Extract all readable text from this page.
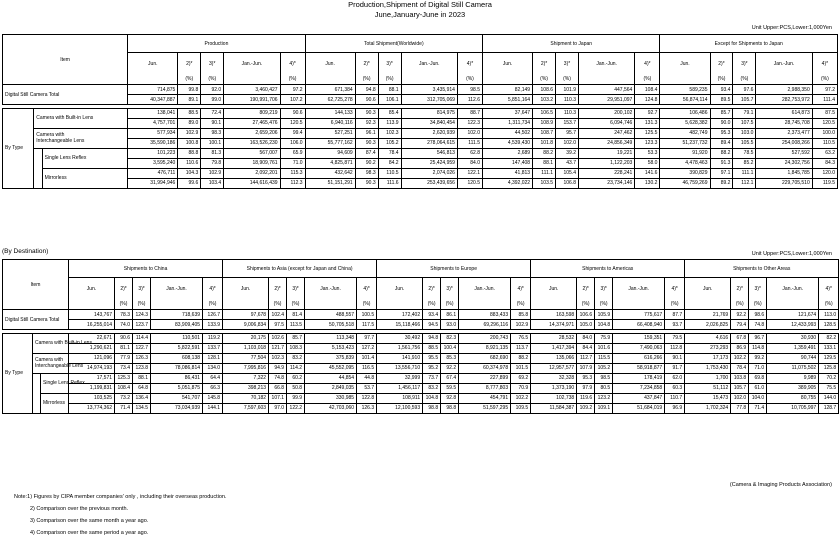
Production,Shipment of Digital Still Camera
June,January-June in 2023
Unit Upper:PCS,Lower:1,000Yen
Item			Production					Total Shipment(Worldwide)					Shipment to Japan					Except for Shipments to Japan				
			Jun.	2)*	3)*	Jan.-Jun.	4)*	Jun.	2)*	3)*	Jan.-Jun.	4)*	Jun.	2)*	3)*	Jan.-Jun.	4)*	Jun.	2)*	3)*	Jan.-Jun.	4)*
				(%)	(%)		(%)		(%)	(%)		(%)		(%)	(%)		(%)		(%)	(%)		(%)
Digital Still Camera Total			714,875	99.8	92.0	3,460,427	97.2	671,384	94.8	88.1	3,435,914	98.5	82,149	108.6	101.9	447,564	108.4	589,235	93.4	97.6	2,988,350	97.2
			40,347,887	89.1	99.0	190,991,706	107.2	62,725,278	90.6	106.1	312,705,069	112.6	5,851,164	103.2	110.3	29,951,097	124.8	56,874,114	89.5	105.7	282,753,972	111.4

By Type	Camera with Built-in Lens		138,041	88.5	72.4	809,219	90.6	144,133	90.3	85.4	814,975	88.7	37,647	106.5	110.3	200,102	92.7	106,486	85.7	79.1	614,873	87.5
			4,757,701	89.0	90.1	27,465,476	120.5	6,940,116	92.3	113.9	34,840,454	122.3	1,311,734	108.9	153.7	6,094,746	131.3	5,628,382	90.0	107.5	28,745,708	120.5

	Camera with
Interchangeable Lens		577,934	102.9	98.3	2,659,206	99.4	527,251	96.1	102.3	2,620,939	102.0	44,502	108.7	95.7	247,462	125.5	482,749	95.3	103.0	2,373,477	100.0
			35,590,186	100.8	100.1	163,526,230	106.0	55,777,162	90.3	105.2	278,064,615	111.5	4,539,430	101.8	102.0	24,856,349	123.3	51,237,732	89.4	105.5	254,008,266	110.5
		Single Lens Reflex	101,223	88.8	81.3	567,007	65.9	94,609	87.4	78.4	546,813	62.8	2,689	88.2	39.2	19,221	53.3	91,920	88.2	78.5	527,592	63.2
			3,595,240	110.6	79.8	18,909,761	71.0	4,825,871	90.2	84.2	25,424,959	84.0	147,408	88.1	43.7	1,122,203	58.0	4,478,463	91.3	85.2	24,302,756	84.3
		Mirrorless	476,711	104.3	102.9	2,092,201	115.3	432,642	98.3	110.5	2,074,026	122.1	41,813	111.1	105.4	228,241	141.6	390,829	97.1	111.1	1,845,785	120.0
			31,994,946	99.6	103.4	144,616,439	112.3	51,151,291	90.3	111.6	253,439,656	120.5	4,392,022	103.5	106.8	23,734,146	130.2	46,759,269	89.2	112.1	229,705,510	119.5
(By Destination)	Unit Upper:PCS,Lower:1,000Yen
Item			Shipments to China					Shipments to Asia (except for Japan and China)					Shipments to Europe					Shipments to Americas					Shipments to Other Areas				
			Jun.	2)*	3)*	Jan.-Jun.	4)*	Jun.	2)*	3)*	Jan.-Jun.	4)*	Jun.	2)*	3)*	Jan.-Jun.	4)*	Jun.	2)*	3)*	Jan.-Jun.	4)*	Jun.	2)*	3)*	Jan.-Jun.	4)*
				(%)	(%)		(%)		(%)	(%)		(%)		(%)	(%)		(%)		(%)	(%)		(%)		(%)	(%)		(%)
Digital Still Camera Total			143,767	78.3	124.3	718,639	126.7	97,678	102.4	81.4	488,557	100.5	172,402	93.4	86.1	883,433	85.8	163,598	106.6	105.9	775,617	87.7	21,769	92.2	98.6	121,674	113.0
			16,255,014	74.0	123.7	83,909,405	133.9	9,006,834	97.5	113.5	50,705,518	117.5	15,118,466	94.5	93.0	69,296,116	102.9	14,374,971	105.0	104.8	66,408,940	93.7	2,026,825	79.4	74.8	12,433,993	128.5

By Type	Camera with Built-in Lens		22,671	90.6	114.4	110,501	119.2	20,175	102.6	85.7	113,348	97.7	30,492	94.8	82.3	200,743	76.5	28,532	84.0	75.9	159,351	79.5	4,616	67.8	96.7	30,930	82.2
			1,290,621	81.1	122.7	5,822,591	133.7	1,103,018	121.7	108.3	5,153,423	127.2	1,561,756	88.5	100.4	8,921,135	113.7	1,417,394	84.4	101.6	7,490,063	112.8	273,293	86.9	114.8	1,359,491	133.1

	Camera with
Interchangeable Lens		121,096	77.9	126.3	608,138	128.1	77,504	102.3	83.2	375,839	101.4	141,910	95.5	85.3	682,690	88.2	135,066	112.7	115.5	616,266	90.1	17,173	102.2	99.2	90,744	129.5
			14,974,193	73.4	123.8	78,086,814	134.0	7,995,816	94.9	114.2	45,552,095	116.5	13,556,710	95.2	92.2	60,374,978	101.5	12,957,577	107.9	105.2	58,918,877	91.7	1,753,430	78.4	71.0	11,075,502	125.8
		Single Lens Reflex	17,571	125.3	88.1	86,431	64.4	7,322	74.8	60.2	44,854	44.8	32,999	73.7	67.4	227,899	69.2	32,328	95.3	98.5	178,419	62.0	1,700	103.8	69.8	9,989	70.2
			1,199,831	108.4	64.8	5,051,875	66.3	398,213	66.8	50.8	2,849,035	53.7	1,456,117	83.2	59.5	8,777,803	70.9	1,373,190	97.9	80.5	7,234,858	60.3	51,112	105.7	61.0	389,905	75.5
		Mirrorless	103,525	73.2	136.4	541,707	145.8	70,182	107.1	99.9	330,985	122.8	108,911	104.8	92.8	454,791	102.2	102,738	119.6	123.2	437,847	110.7	15,473	102.0	104.0	80,755	144.0
			13,774,362	71.4	134.5	73,034,939	144.1	7,597,603	97.0	122.2	42,703,060	126.3	12,100,593	98.8	98.8	51,597,295	109.5	11,584,387	109.2	109.1	51,684,019	96.9	1,702,324	77.8	71.4	10,705,997	128.7
(Camera & Imaging Products Association)
Note:1) Figures by CIPA member companies' only , including their overseas production.
2) Comparison over the previous month.
3) Comparison over the same month a year ago.
4) Comparison over the same period a year ago.
